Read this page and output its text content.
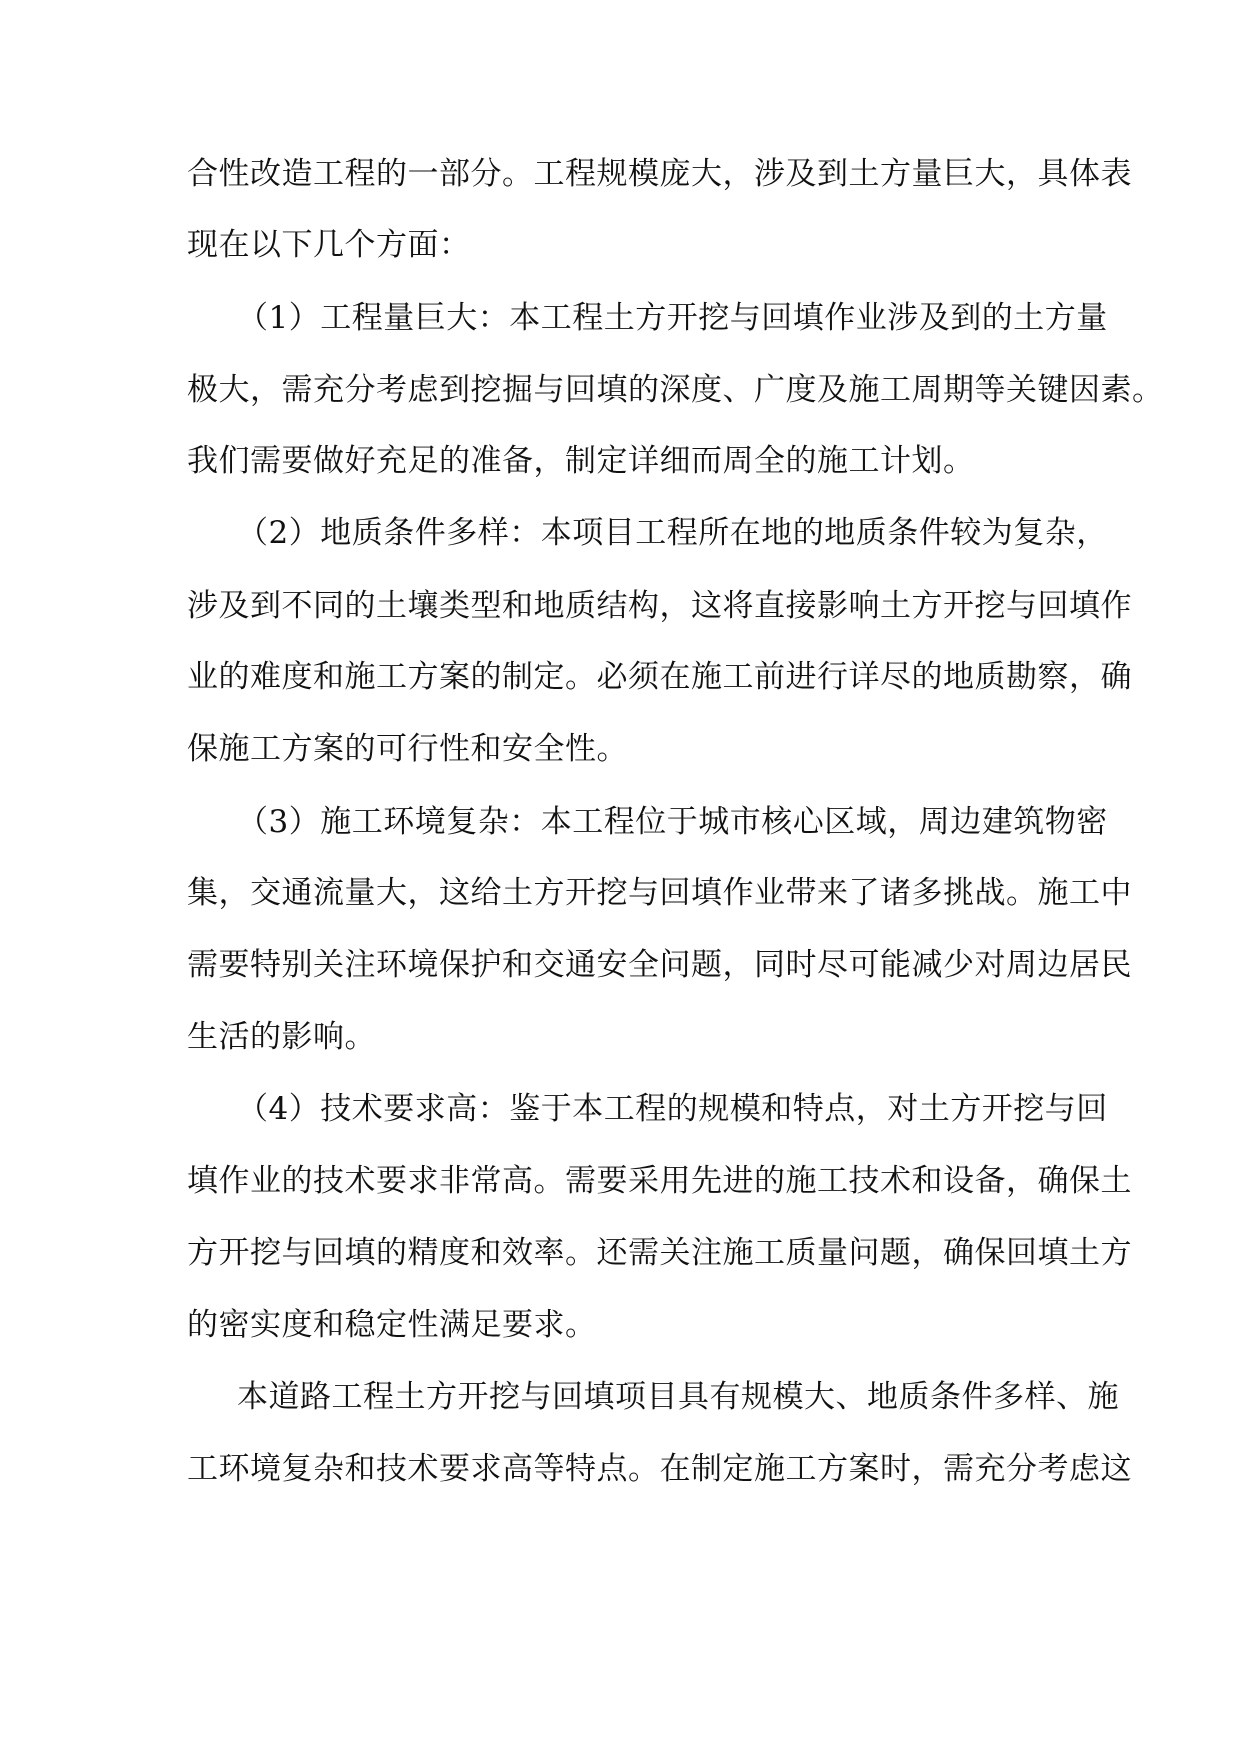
合性改造工程的一部分。工程规模庞大，涉及到土方量巨大，具体表
现在以下几个方面：
（1）工程量巨大：本工程土方开挖与回填作业涉及到的土方量
极大，需充分考虑到挖掘与回填的深度、广度及施工周期等关键因素。
我们需要做好充足的准备，制定详细而周全的施工计划。
（2）地质条件多样：本项目工程所在地的地质条件较为复杂，
涉及到不同的土壤类型和地质结构，这将直接影响土方开挖与回填作
业的难度和施工方案的制定。必须在施工前进行详尽的地质勘察，确
保施工方案的可行性和安全性。
（3）施工环境复杂：本工程位于城市核心区域，周边建筑物密
集，交通流量大，这给土方开挖与回填作业带来了诸多挑战。施工中
需要特别关注环境保护和交通安全问题，同时尽可能减少对周边居民
生活的影响。
（4）技术要求高：鉴于本工程的规模和特点，对土方开挖与回
填作业的技术要求非常高。需要采用先进的施工技术和设备，确保土
方开挖与回填的精度和效率。还需关注施工质量问题，确保回填土方
的密实度和稳定性满足要求。
本道路工程土方开挖与回填项目具有规模大、地质条件多样、施
工环境复杂和技术要求高等特点。在制定施工方案时，需充分考虑这
